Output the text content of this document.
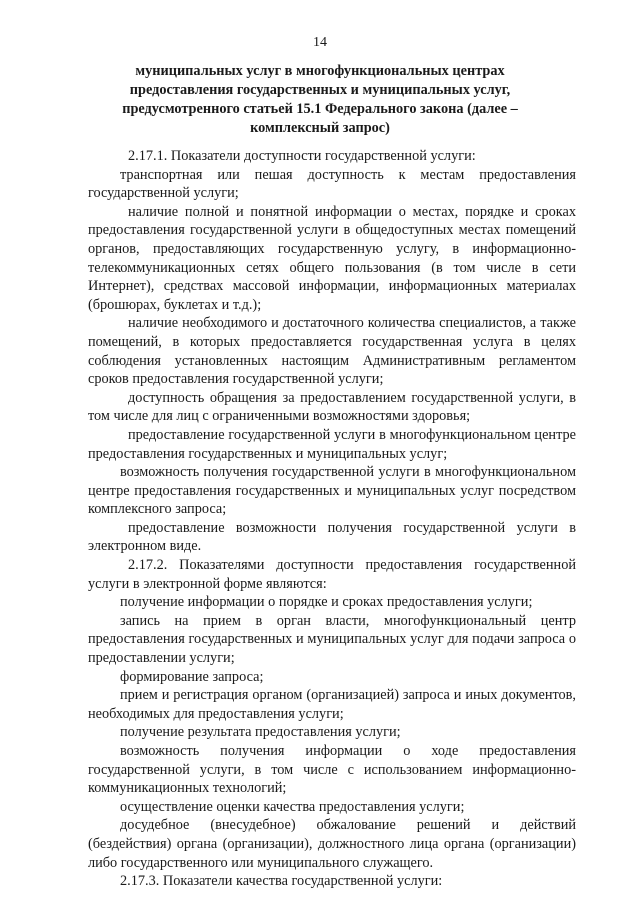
14
муниципальных услуг в многофункциональных центрах
предоставления государственных и муниципальных услуг,
предусмотренного статьей 15.1 Федерального закона (далее –
комплексный запрос)

2.17.1. Показатели доступности государственной услуги:

транспортная или пешая доступность к местам предоставления государственной услуги;

наличие полной и понятной информации о местах, порядке и сроках предоставления государственной услуги в общедоступных местах помещений органов, предоставляющих государственную услугу, в информационно-телекоммуникационных сетях общего пользования (в том числе в сети Интернет), средствах массовой информации, информационных материалах (брошюрах, буклетах и т.д.);

наличие необходимого и достаточного количества специалистов, а также помещений, в которых предоставляется государственная услуга в целях соблюдения установленных настоящим Административным регламентом сроков предоставления государственной услуги;

доступность обращения за предоставлением государственной услуги, в том числе для лиц с ограниченными возможностями здоровья;

предоставление государственной услуги в многофункциональном центре предоставления государственных и муниципальных услуг;

возможность получения государственной услуги в многофункциональном центре предоставления государственных и муниципальных услуг посредством комплексного запроса;

предоставление возможности получения государственной услуги в электронном виде.

2.17.2. Показателями доступности предоставления государственной услуги в электронной форме являются:

получение информации о порядке и сроках предоставления услуги;

запись на прием в орган власти, многофункциональный центр предоставления государственных и муниципальных услуг для подачи запроса о предоставлении услуги;

формирование запроса;

прием и регистрация органом (организацией) запроса и иных документов, необходимых для предоставления услуги;

получение результата предоставления услуги;

возможность получения информации о ходе предоставления государственной услуги, в том числе с использованием информационно-коммуникационных технологий;

осуществление оценки качества предоставления услуги;

досудебное (внесудебное) обжалование решений и действий (бездействия) органа (организации), должностного лица органа (организации) либо государственного или муниципального служащего.

2.17.3. Показатели качества государственной услуги:
